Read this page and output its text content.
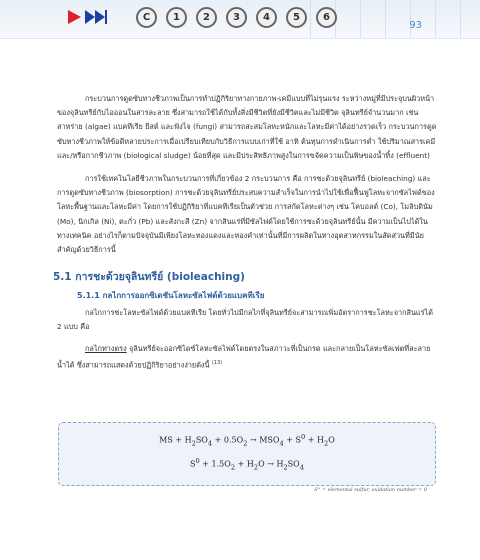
C	1	2	3	4	5	6
93

กระบวนการดูดซับทางชีวภาพเป็นการทำปฏิกิริยาทางกายภาพ-เคมีแบบที่ไม่รุนแรง ระหว่างหมู่ที่มีประจุบนผิวหน้าของจุลินทรีย์กับไอออนในสารละลาย ซึ่งสามารถใช้ได้กับทั้งสิ่งมีชีวิตที่ยังมีชีวิตและไม่มีชีวิต จุลินทรีย์จำนวนมาก เช่น สาหร่าย (algae) แบคทีเรีย ยีสต์ และฟังไจ (fungi) สามารถสะสมโลหะหนักและโลหะมีค่าได้อย่างรวดเร็ว กระบวนการดูดซับทางชีวภาพให้ข้อดีหลายประการเมื่อเปรียบเทียบกับวิธีการแบบเก่าที่ใช้ อาทิ ต้นทุนการดำเนินการต่ำ ใช้ปริมาณสารเคมีและ/หรือกากชีวภาพ (biological sludge) น้อยที่สุด และมีประสิทธิภาพสูงในการขจัดความเป็นพิษของน้ำทิ้ง (effluent)

การใช้เทคโนโลยีชีวภาพในกระบวนการที่เกี่ยวข้อง 2 กระบวนการ คือ การชะด้วยจุลินทรีย์ (bioleaching) และการดูดซับทางชีวภาพ (biosorption) การชะด้วยจุลินทรีย์ประสบความสำเร็จในการนำไปใช้เพื่อฟื้นฟูโลหะจากซัลไฟด์ของโลหะพื้นฐานและโลหะมีค่า โดยการใช้ปฏิกิริยาที่แบคทีเรียเป็นตัวช่วย การสกัดโลหะต่างๆ เช่น โคบอลต์ (Co), โมลิบดินัม (Mo), นิกเกิล (Ni), ตะกั่ว (Pb) และสังกะสี (Zn) จากสินแร่ที่มีซัลไฟด์โดยใช้การชะด้วยจุลินทรีย์นั้น มีความเป็นไปได้ในทางเทคนิค อย่างไรก็ตามปัจจุบันมีเพียงโลหะทองแดงและทองคำเท่านั้นที่มีการผลิตในทางอุตสาหกรรมในสัดส่วนที่มีนัยสำคัญด้วยวิธีการนี้

5.1 การชะด้วยจุลินทรีย์ (bioleaching)
5.1.1 กลไกการออกซิเดชันโลหะซัลไฟด์ด้วยแบคทีเรีย

กลไกการชะโลหะซัลไฟด์ด้วยแบคทีเรีย โดยทั่วไปมีกลไกที่จุลินทรีย์จะสามารถเพิ่มอัตราการชะโลหะจากสินแร่ได้ 2 แบบ คือ

กลไกทางตรง จุลินทรีย์จะออกซิไดซ์โลหะซัลไฟด์โดยตรงในสภาวะที่เป็นกรด และกลายเป็นโลหะซัลเฟตที่ละลายน้ำได้ ซึ่งสามารถแสดงด้วยปฏิกิริยาอย่างง่ายดังนี้ $^{(13)}$

MS + $H_2SO_4 + 0.5O_2 \to MSO_4 + S^0 + H_2O$
$S^0 + 1.5O_2 + H_2O \to H_2SO_4$
S° = elemental sulfur, oxidation number = 0
